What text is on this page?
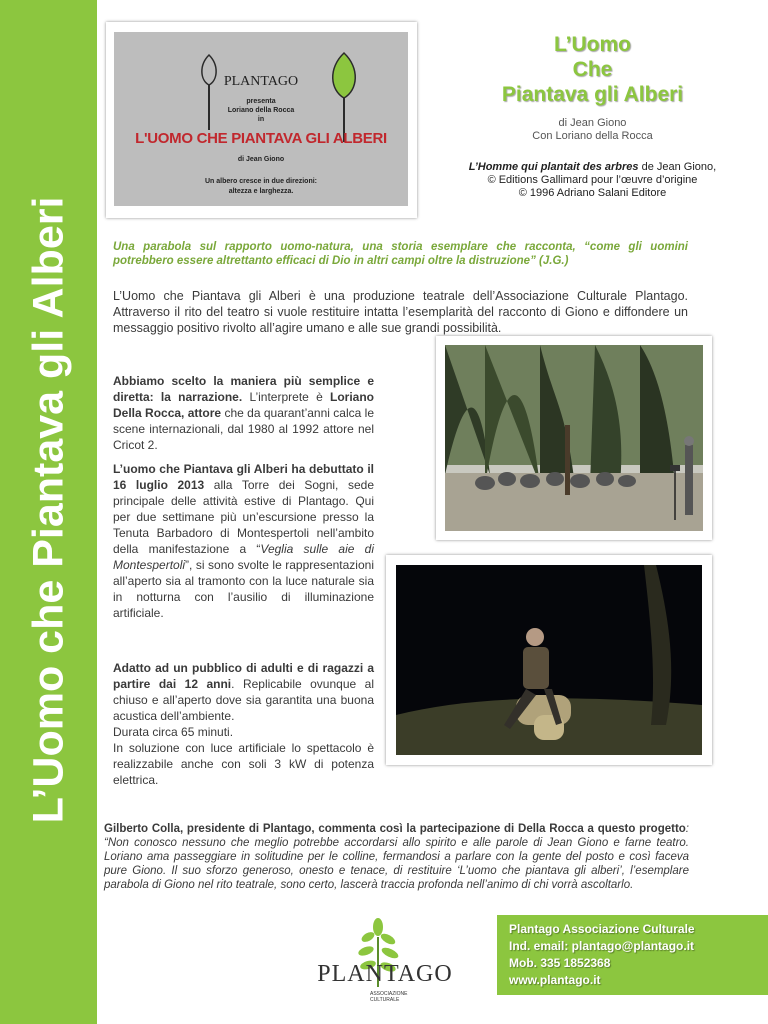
L’Uomo che Piantava gli Alberi
PLANTAGO
presenta
Loriano della Rocca
in
L'UOMO CHE PIANTAVA GLI ALBERI
di Jean Giono
Un albero cresce in due direzioni:
altezza e larghezza.
L’Uomo
Che
Piantava gli Alberi
di Jean Giono
Con Loriano della Rocca
L’Homme qui plantait des arbres de Jean Giono,
© Editions Gallimard pour l’œuvre d’origine
© 1996 Adriano Salani Editore
Una parabola sul rapporto uomo-natura, una storia esemplare che racconta, “come gli uomini potrebbero essere altrettanto efficaci di Dio in altri campi oltre la distruzione” (J.G.)
L’Uomo che Piantava gli Alberi è una produzione teatrale dell’Associazione Culturale Plantago. Attraverso il rito del teatro si vuole restituire intatta l’esemplarità del racconto di Giono e diffondere un messaggio positivo rivolto all’agire umano e alle sue grandi possibilità.
Abbiamo scelto la maniera più semplice e diretta: la narrazione. L’interprete è Loriano Della Rocca, attore che da quarant’anni calca le scene internazionali, dal 1980 al 1992 attore nel Cricot 2.
L’uomo che Piantava gli Alberi ha debuttato il 16 luglio 2013 alla Torre dei Sogni, sede principale delle attività estive di Plantago. Qui per due settimane più un’escursione presso la Tenuta Barbadoro di Montespertoli nell’ambito della manifestazione a “Veglia sulle aie di Montespertoli”, si sono svolte le rappresentazioni all’aperto sia al tramonto con la luce naturale sia in notturna con l’ausilio di illuminazione artificiale.
Adatto ad un pubblico di adulti e di ragazzi a partire dai 12 anni. Replicabile ovunque al chiuso e all’aperto dove sia garantita una buona acustica dell’ambiente.
Durata circa 65 minuti.
In soluzione con luce artificiale lo spettacolo è realizzabile anche con soli 3 kW di potenza elettrica.
Gilberto Colla, presidente di Plantago, commenta così la partecipazione di Della Rocca a questo progetto: “Non conosco nessuno che meglio potrebbe accordarsi allo spirito e alle parole di Jean Giono e farne teatro. Loriano ama passeggiare in solitudine per le colline, fermandosi a parlare con la gente del posto e così faceva pure Giono. Il suo sforzo generoso, onesto e tenace, di restituire ‘L’uomo che piantava gli alberi’, l’esemplare parabola di Giono nel rito teatrale, sono certo, lascerà traccia profonda nell’animo di chi vorrà ascoltarlo.
PLANTAGO
ASSOCIAZIONE
CULTURALE
Plantago Associazione Culturale
Ind. email: plantago@plantago.it
Mob. 335 1852368
www.plantago.it
